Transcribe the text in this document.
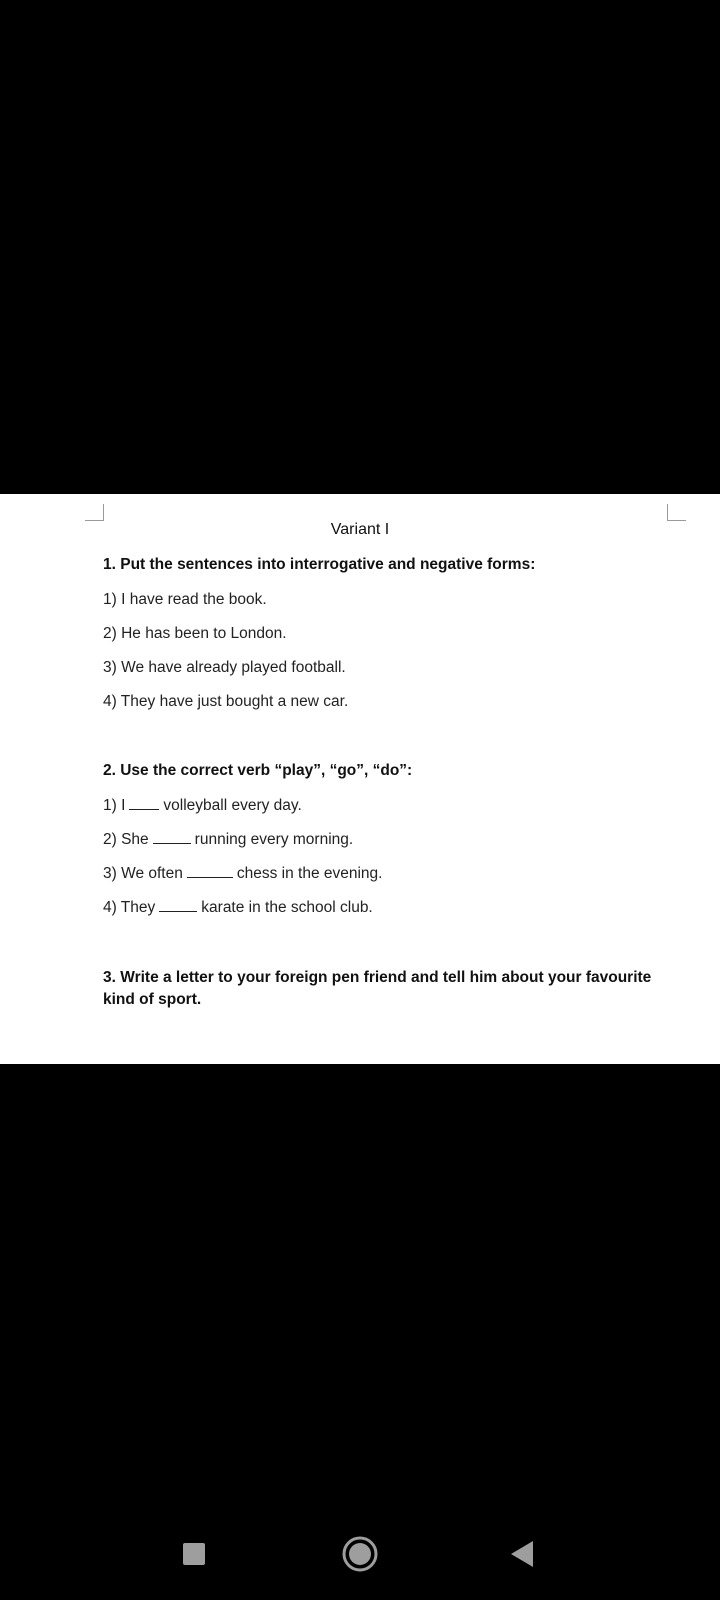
Variant I
1. Put the sentences into interrogative and negative forms:
1) I have read the book.
2) He has been to London.
3) We have already played football.
4) They have just bought a new car.
2. Use the correct verb “play”, “go”, “do”:
1) I volleyball every day.
2) She	running every morning.
3) We often	chess in the evening.
4) They	karate in the school club.
3. Write a letter to your foreign pen friend and tell him about your favourite kind of sport.
